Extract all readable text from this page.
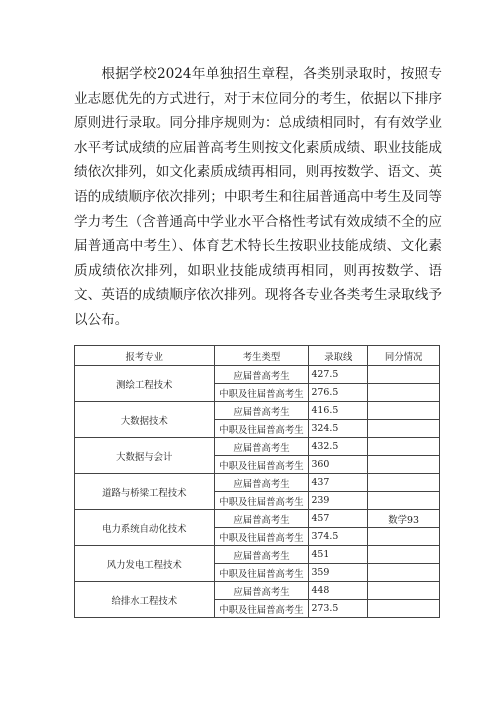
根据学校2024年单独招生章程，各类别录取时，按照专业志愿优先的方式进行，对于末位同分的考生，依据以下排序原则进行录取。同分排序规则为：总成绩相同时，有有效学业水平考试成绩的应届普高考生则按文化素质成绩、职业技能成绩依次排列，如文化素质成绩再相同，则再按数学、语文、英语的成绩顺序依次排列；中职考生和往届普通高中考生及同等学力考生（含普通高中学业水平合格性考试有效成绩不全的应届普通高中考生）、体育艺术特长生按职业技能成绩、文化素质成绩依次排列，如职业技能成绩再相同，则再按数学、语文、英语的成绩顺序依次排列。现将各专业各类考生录取线予以公布。

报考专业	考生类型	录取线	同分情况
测绘工程技术	应届普高考生	427.5	
	中职及往届普高考生	276.5	
大数据技术	应届普高考生	416.5	
	中职及往届普高考生	324.5	
大数据与会计	应届普高考生	432.5	
	中职及往届普高考生	360	
道路与桥梁工程技术	应届普高考生	437	
	中职及往届普高考生	239	
电力系统自动化技术	应届普高考生	457	数学93
	中职及往届普高考生	374.5	
风力发电工程技术	应届普高考生	451	
	中职及往届普高考生	359	
给排水工程技术	应届普高考生	448	
	中职及往届普高考生	273.5	
